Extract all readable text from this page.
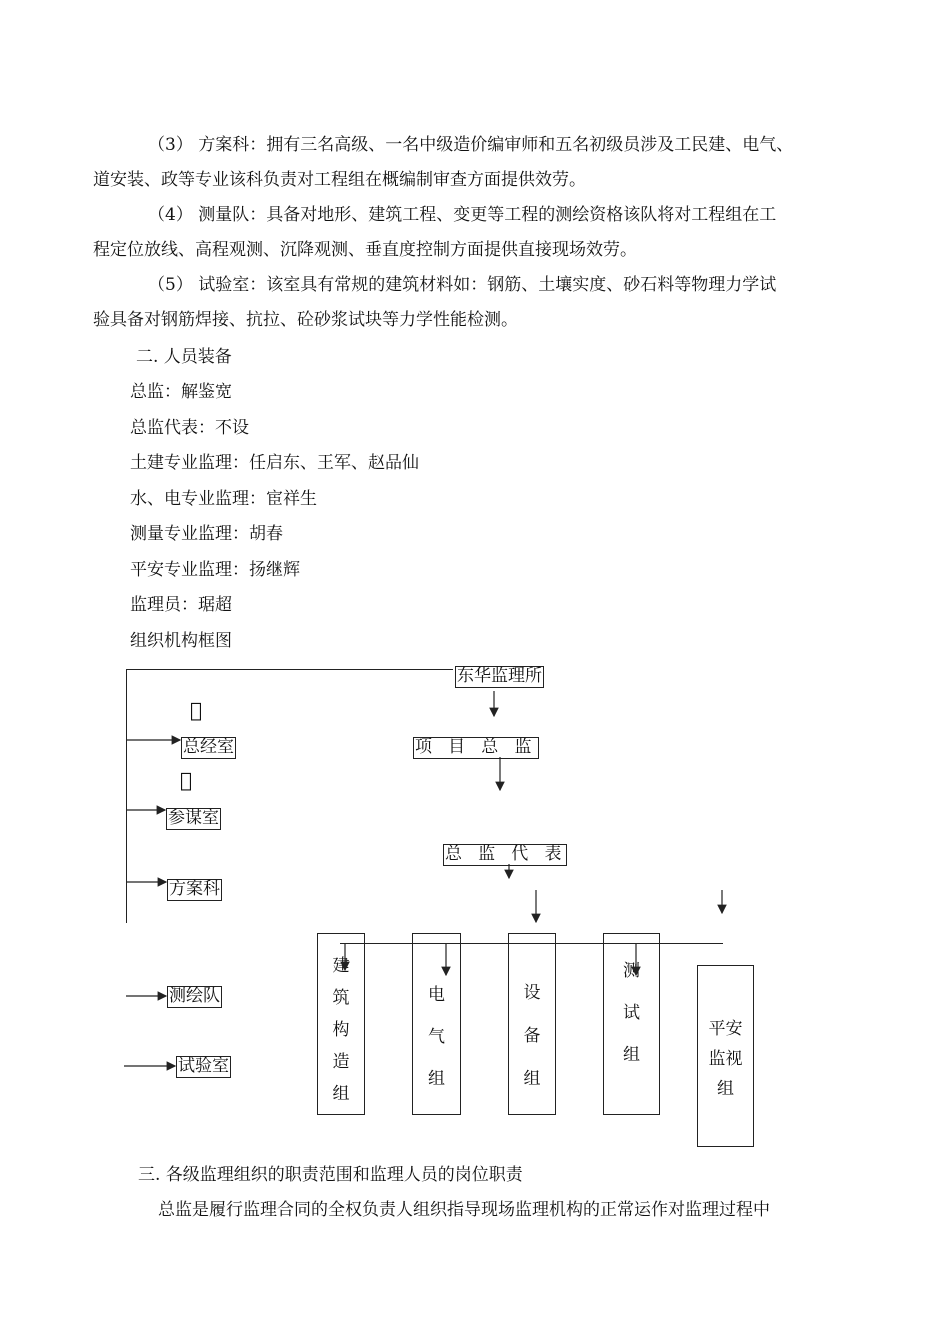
（3） 方案科：拥有三名高级、一名中级造价编审师和五名初级员涉及工民建、电气、

道安装、政等专业该科负责对工程组在概编制审查方面提供效劳。

（4） 测量队：具备对地形、建筑工程、变更等工程的测绘资格该队将对工程组在工

程定位放线、高程观测、沉降观测、垂直度控制方面提供直接现场效劳。

（5） 试验室：该室具有常规的建筑材料如：钢筋、土壤实度、砂石料等物理力学试

验具备对钢筋焊接、抗拉、砼砂浆试块等力学性能检测。

二. 人员装备

总监：解鉴宽

总监代表：不设

土建专业监理：任启东、王军、赵品仙

水、电专业监理：宦祥生

测量专业监理：胡春

平安专业监理：扬继辉

监理员：琚超

组织机构框图

󰀀
󰀀
东华监理所
项目总监
总监代表
总经室
参谋室
方案科
测绘队
试验室
建
筑
构
造
组
电
气
组
设
备
组
测
试
组
平安
监视
组

三. 各级监理组织的职责范围和监理人员的岗位职责

总监是履行监理合同的全权负责人组织指导现场监理机构的正常运作对监理过程中
